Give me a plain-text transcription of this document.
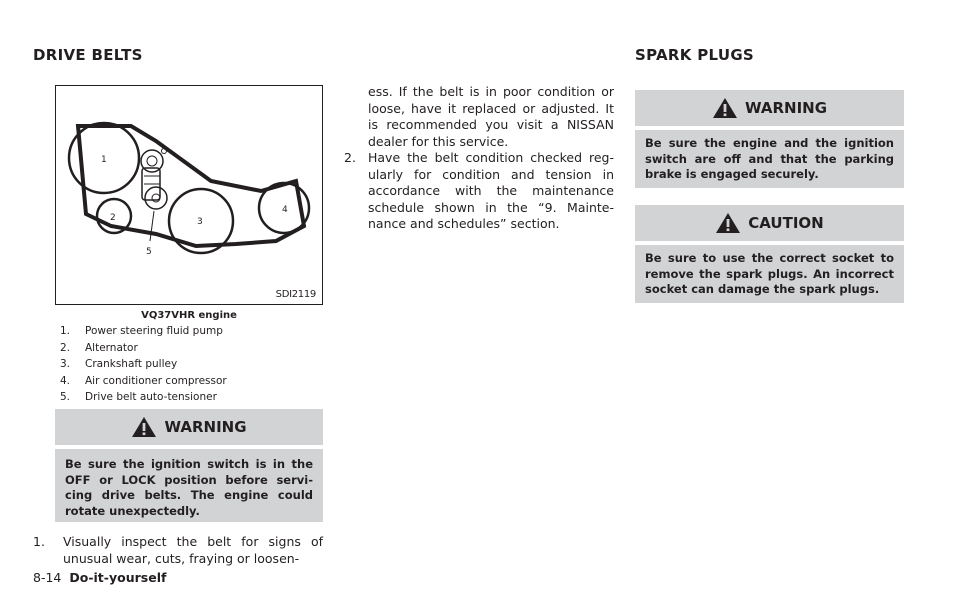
DRIVE BELTS	SPARK PLUGS
1
2	3
4
5
SDI2119
VQ37VHR engine
1. Power steering fluid pump
2. Alternator
3. Crankshaft pulley
4. Air conditioner compressor
5. Drive belt auto-tensioner
WARNING
Be sure the ignition switch is in the OFF or LOCK position before servi-cing drive belts. The engine could rotate unexpectedly.
1.	Visually inspect the belt for signs of unusual wear, cuts, fraying or loosen-
ess. If the belt is in poor condition or loose, have it replaced or adjusted. It is recommended you visit a NISSAN dealer for this service.
2. Have the belt condition checked reg-ularly for condition and tension in accordance with the maintenance schedule shown in the “9. Mainte-nance and schedules” section.
WARNING
Be sure the engine and the ignition switch are off and that the parking brake is engaged securely.
CAUTION
Be sure to use the correct socket to remove the spark plugs. An incorrect socket can damage the spark plugs.
8-14 Do-it-yourself
